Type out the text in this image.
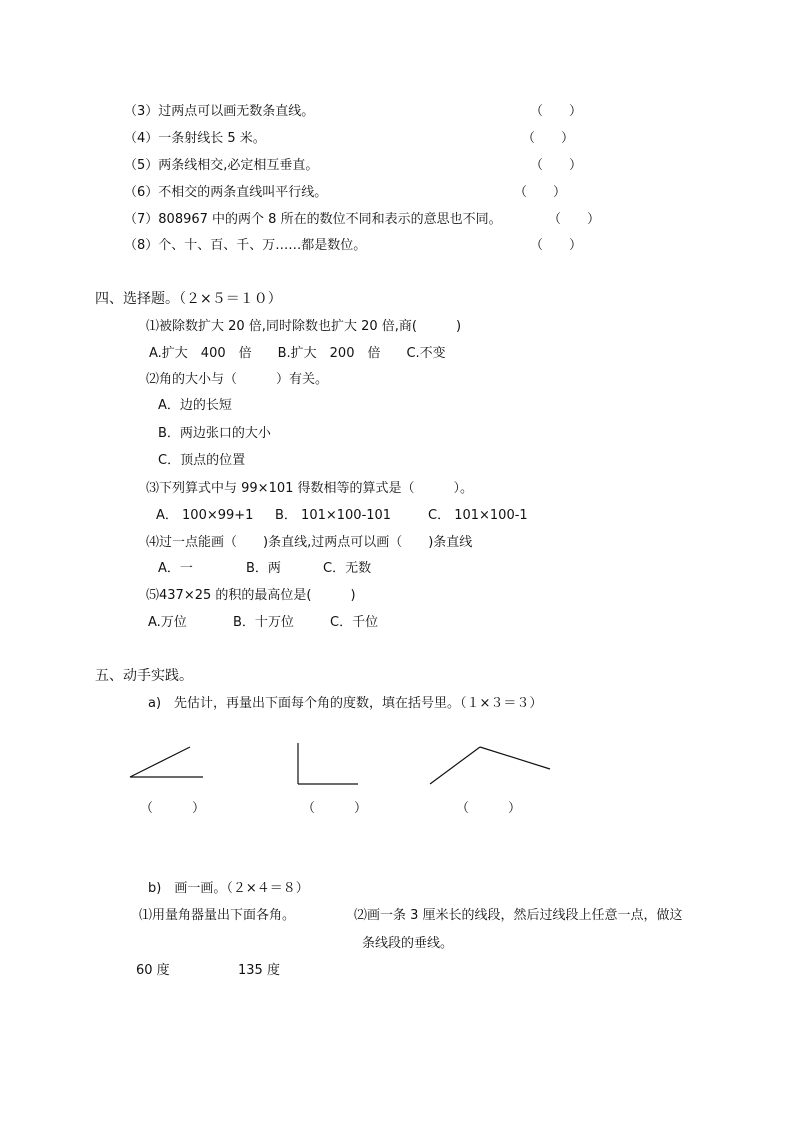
（3）过两点可以画无数条直线。	（　　）
（4）一条射线长 5 米。	（　　）
（5）两条线相交,必定相互垂直。	（　　）
（6）不相交的两条直线叫平行线。	（　　）
（7）808967 中的两个 8 所在的数位不同和表示的意思也不同。	（　　）
（8）个、十、百、千、万……都是数位。	（　　）
四、选择题。（２×５＝１０）
⑴被除数扩大 20 倍,同时除数也扩大 20 倍,商(　　　)
A.扩大　400　倍　　B.扩大　200　倍　　C.不变
⑵角的大小与（　　　）有关。
A．边的长短
B．两边张口的大小
C．顶点的位置
⑶下列算式中与 99×101 得数相等的算式是（　　　）。
A． 100×99+1 B． 101×100-101	C． 101×100-1
⑷过一点能画（　　)条直线,过两点可以画（　　)条直线
A．一	B．两	C．无数
⑸437×25 的积的最高位是(　　　)
A.万位	B．十万位	C．千位
五、动手实践。
a)　先估计，再量出下面每个角的度数，填在括号里。（１×３＝３）
（　　　）	（　　　）	（　　　）
b)　画一画。（２×４＝８）
⑴用量角器量出下面各角。	⑵画一条 3 厘米长的线段，然后过线段上任意一点，做这
条线段的垂线。
60 度	135 度
